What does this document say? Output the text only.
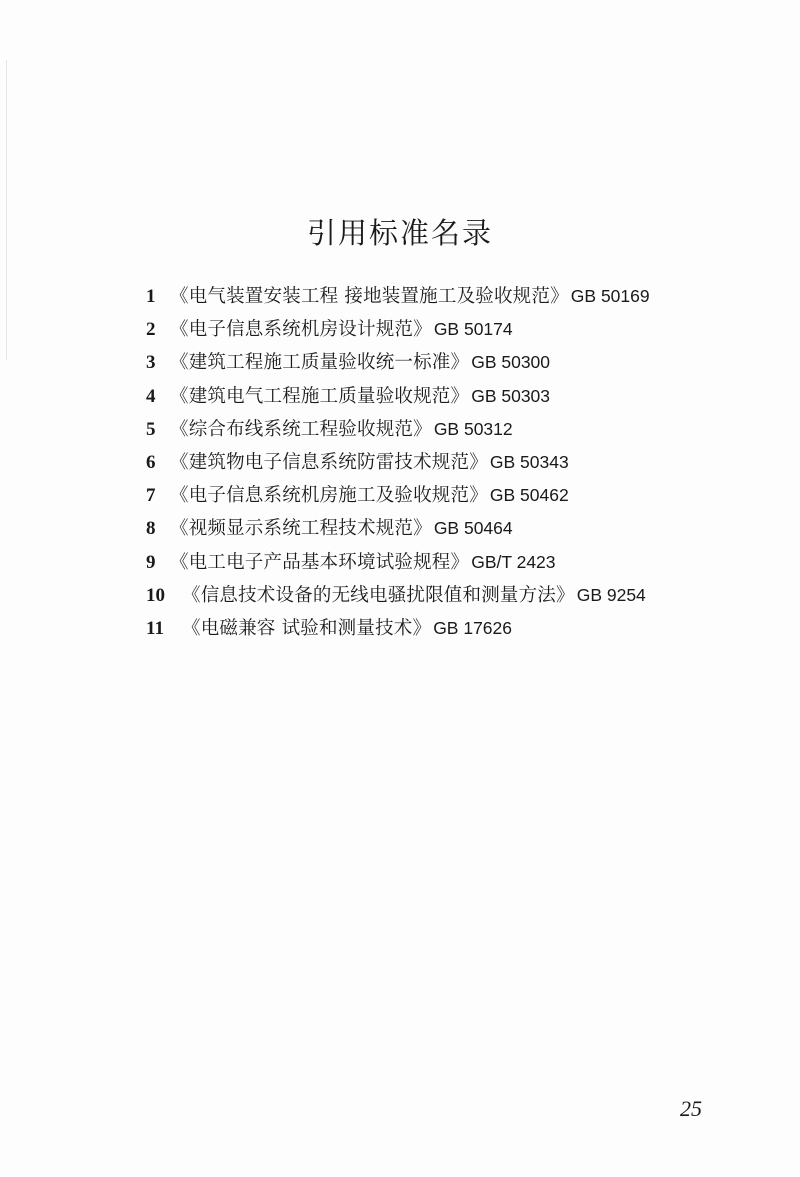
引用标准名录
1 《电气装置安装工程 接地装置施工及验收规范》 GB 50169
2 《电子信息系统机房设计规范》 GB 50174
3 《建筑工程施工质量验收统一标准》 GB 50300
4 《建筑电气工程施工质量验收规范》 GB 50303
5 《综合布线系统工程验收规范》 GB 50312
6 《建筑物电子信息系统防雷技术规范》 GB 50343
7 《电子信息系统机房施工及验收规范》 GB 50462
8 《视频显示系统工程技术规范》 GB 50464
9 《电工电子产品基本环境试验规程》 GB/T 2423
10 《信息技术设备的无线电骚扰限值和测量方法》 GB 9254
11 《电磁兼容 试验和测量技术》 GB 17626
25
